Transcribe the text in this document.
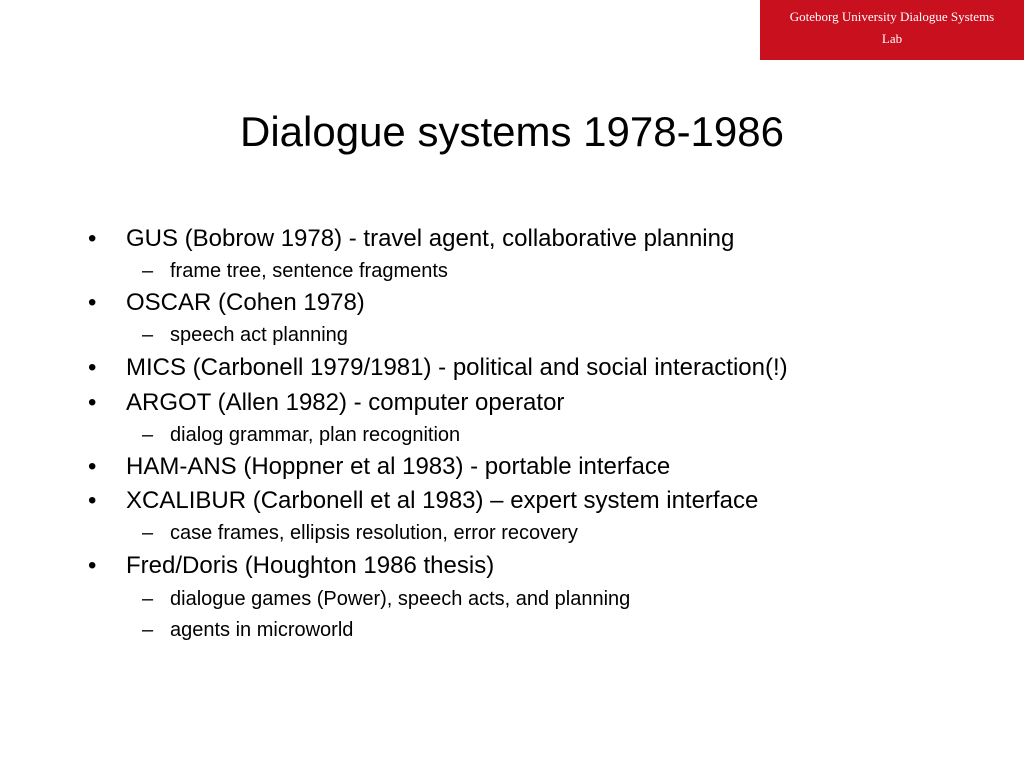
Goteborg University Dialogue Systems
Lab
Dialogue systems 1978-1986
• GUS (Bobrow 1978) - travel agent, collaborative planning
– frame tree, sentence fragments
• OSCAR (Cohen 1978)
– speech act planning
• MICS (Carbonell 1979/1981) - political and social interaction(!)
• ARGOT (Allen 1982) - computer operator
– dialog grammar, plan recognition
• HAM-ANS (Hoppner et al 1983) - portable interface
• XCALIBUR (Carbonell et al 1983) – expert system interface
– case frames, ellipsis resolution, error recovery
• Fred/Doris (Houghton 1986 thesis)
– dialogue games (Power), speech acts, and planning
– agents in microworld
